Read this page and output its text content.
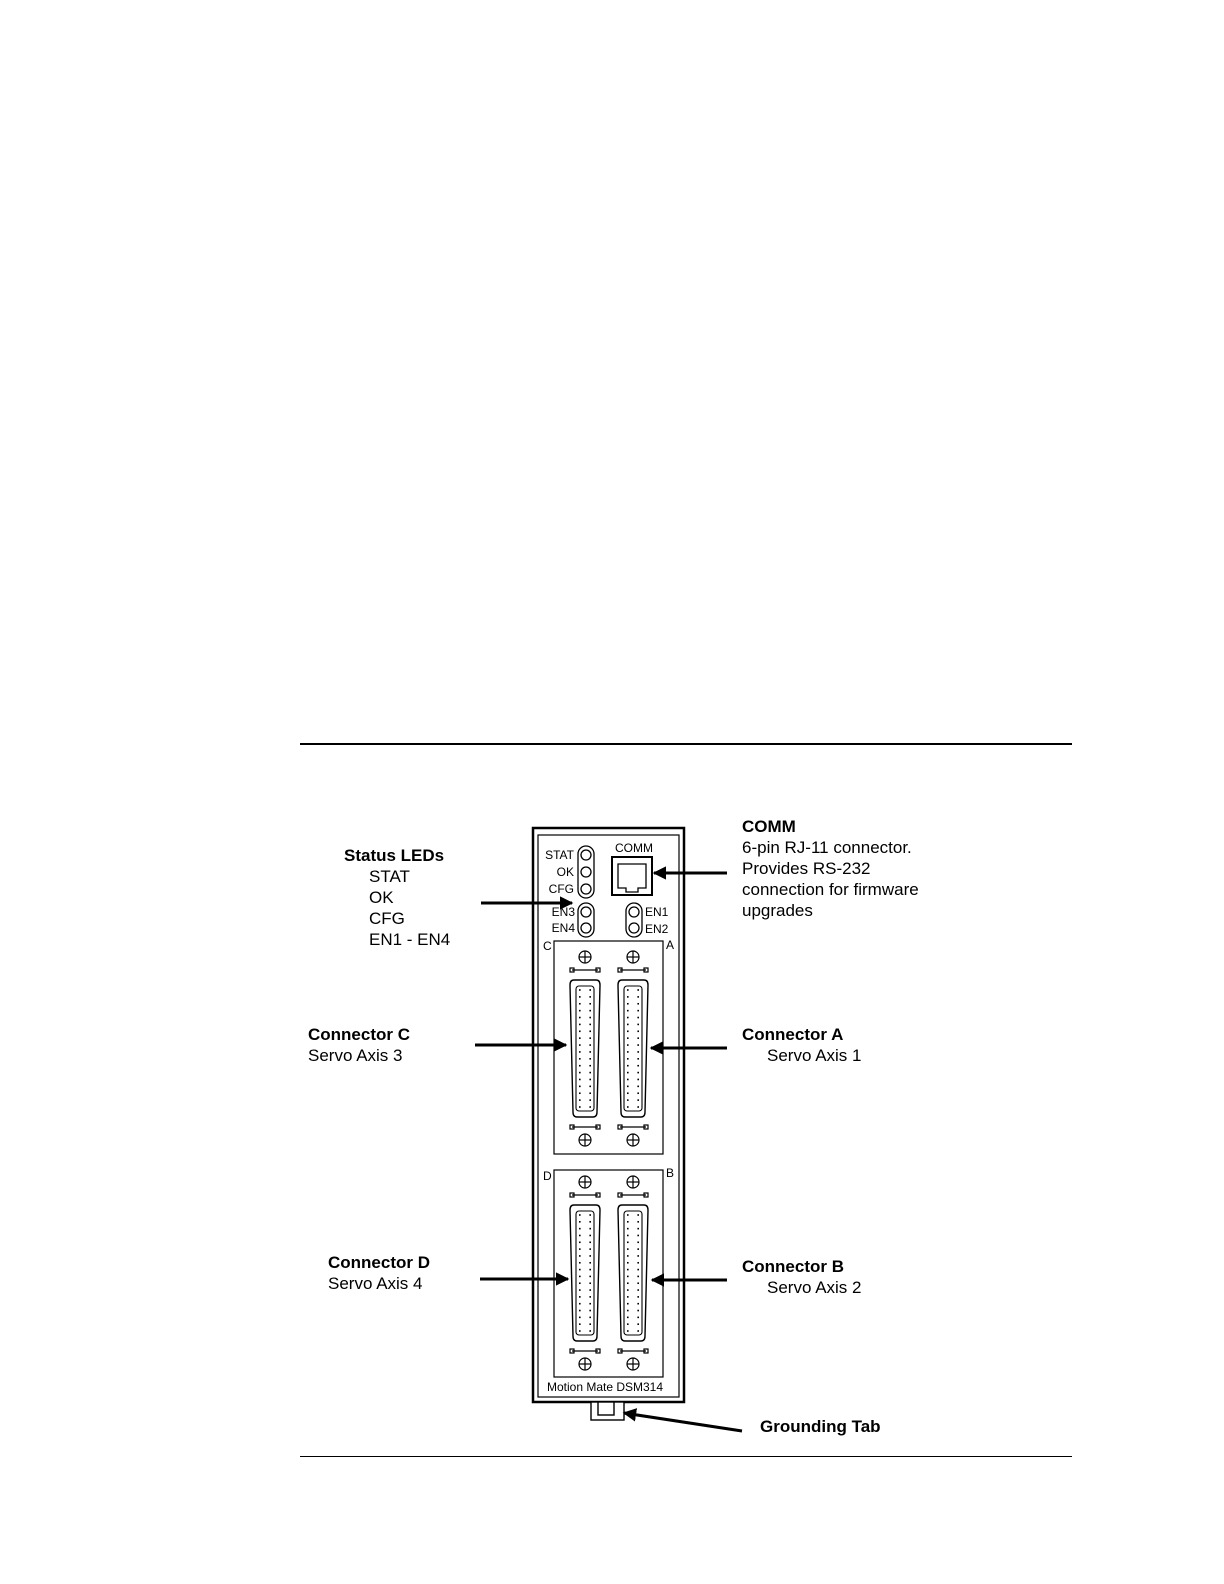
STAT
OK
CFG
EN3
EN4
EN1
EN2
COMM
C	A
D	B
Motion Mate DSM314
Status LEDs
STAT
OK
CFG
EN1 - EN4
COMM
6-pin RJ-11 connector.
Provides RS-232
connection for firmware
upgrades
Connector C
Servo Axis 3
Connector A
Servo Axis 1
Connector D
Servo Axis 4
Connector B
Servo Axis 2
Grounding Tab
